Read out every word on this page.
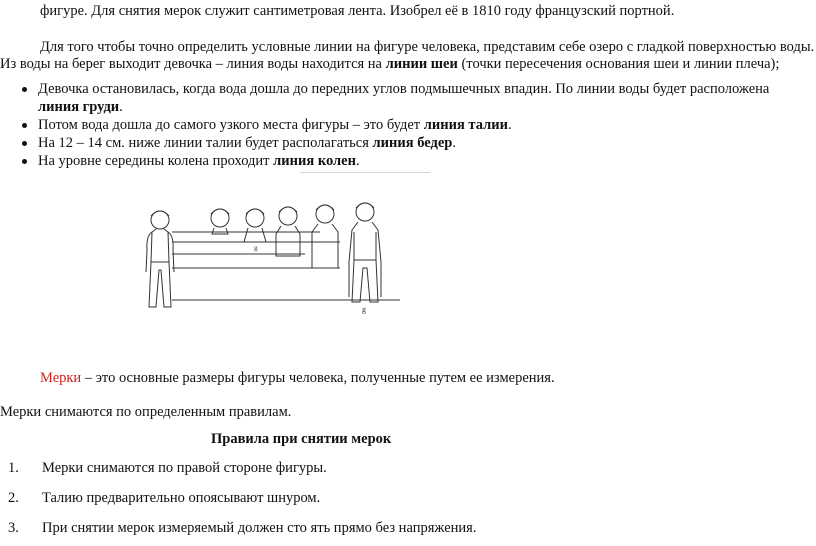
фигуре. Для снятия мерок служит сантиметровая лента. Изобрел её в 1810 году французский портной.
Для того чтобы точно определить условные линии на фигуре человека, представим себе озеро с гладкой поверхностью воды.
Из воды на берег выходит девочка – линия воды находится на линии шеи (точки пересечения основания шеи и линии плеча);
Девочка остановилась, когда вода дошла до передних углов подмышечных впадин. По линии воды будет расположена
линия груди.
Потом вода дошла до самого узкого места фигуры – это будет линия талии.
На 12 – 14 см. ниже линии талии будет располагаться линия бедер.
На уровне середины колена проходит линия колен.
g
g
Мерки – это основные размеры фигуры человека, полученные путем ее измерения.
Мерки снимаются по определенным правилам.
Правила при снятии мерок
1. Мерки снимаются по правой стороне фигуры.
2. Талию предварительно опоясывают шнуром.
3. При снятии мерок измеряемый должен сто ять прямо без напряжения.
